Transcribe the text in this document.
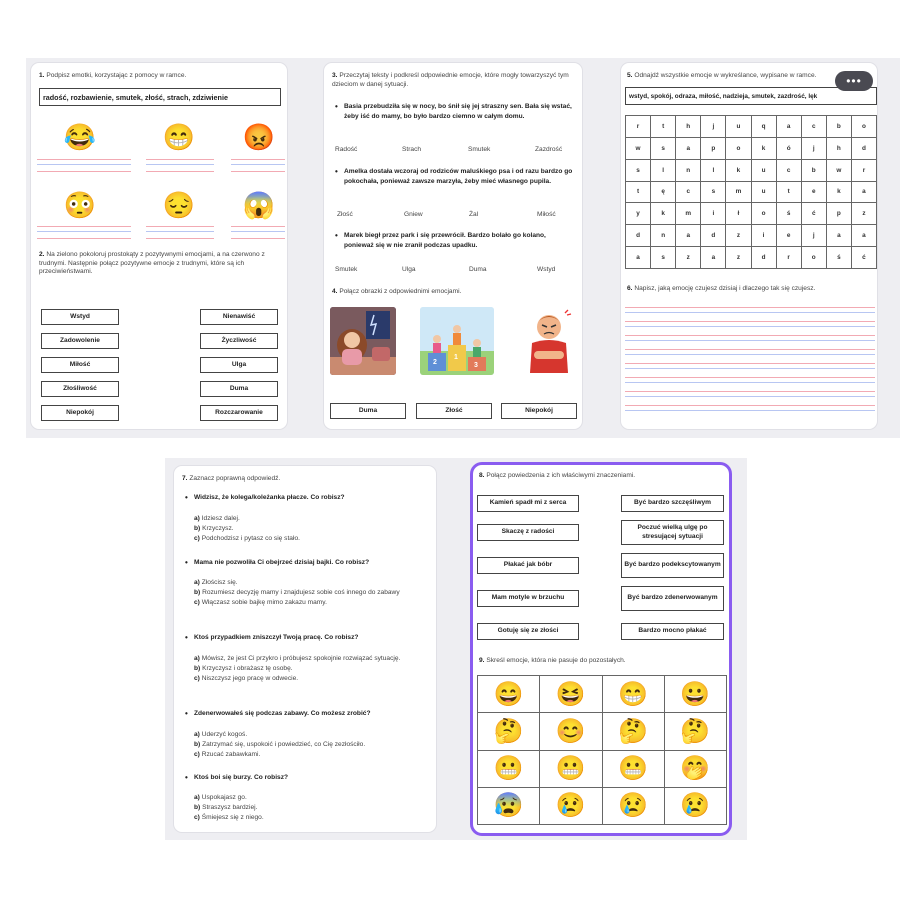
1. Podpisz emotki, korzystając z pomocy w ramce.
radość, rozbawienie, smutek, złość, strach, zdziwienie
😂	😁 😡
😳	😔 😱
2. Na zielono pokoloruj prostokąty z pozytywnymi emocjami, a na czerwono z trudnymi. Następnie połącz pozytywne emocje z trudnymi, które są ich przeciwieństwami.
Wstyd
Zadowolenie
Miłość
Złośliwość
Niepokój
Nienawiść
Życzliwość
Ulga
Duma
Rozczarowanie
3. Przeczytaj teksty i podkreśl odpowiednie emocje, które mogły towarzyszyć tym dzieciom w danej sytuacji.
• Basia przebudziła się w nocy, bo śnił się jej straszny sen. Bała się wstać, żeby iść do mamy, bo było bardzo ciemno w całym domu.
Radość	Strach	Smutek	Zazdrość
• Amelka dostała wczoraj od rodziców maluśkiego psa i od razu bardzo go pokochała, ponieważ zawsze marzyła, żeby mieć własnego pupila.
Złość	Gniew	Żal	Miłość
• Marek biegł przez park i się przewrócił. Bardzo bolało go kolano, ponieważ się w nie zranił podczas upadku.
Smutek	Ulga	Duma	Wstyd
4. Połącz obrazki z odpowiednimi emocjami.
2
1
3
Duma	Złość	Niepokój
5. Odnajdź wszystkie emocje w wykreślance, wypisane w ramce.
wstyd, spokój, odraza, miłość, nadzieja, smutek, zazdrość, lęk
r	t	h	j	u	q	a	c	b	o
w	s	a	p	o	k	ó	j	h	d
s	l	n	l	k	u	c	b	w	r
t	ę	c	s	m	u	t	e	k	a
y	k	m	i	ł	o	ś	ć	p	z
d	n	a	d	z	i	e	j	a	a
a	s	z	a	z	d	r	o	ś	ć
6. Napisz, jaką emocję czujesz dzisiaj i dlaczego tak się czujesz.
•••
7. Zaznacz poprawną odpowiedź.
• Widzisz, że kolega/koleżanka płacze. Co robisz?
a) Idziesz dalej.
b) Krzyczysz.
c) Podchodzisz i pytasz co się stało.
• Mama nie pozwoliła Ci obejrzeć dzisiaj bajki. Co robisz?
a) Złościsz się.
b) Rozumiesz decyzję mamy i znajdujesz sobie coś innego do zabawy
c) Włączasz sobie bajkę mimo zakazu mamy.
• Ktoś przypadkiem zniszczył Twoją pracę. Co robisz?
a) Mówisz, że jest Ci przykro i próbujesz spokojnie rozwiązać sytuację.
b) Krzyczysz i obrażasz tę osobę.
c) Niszczysz jego pracę w odwecie.
• Zdenerwowałeś się podczas zabawy. Co możesz zrobić?
a) Uderzyć kogoś.
b) Zatrzymać się, uspokoić i powiedzieć, co Cię zezłościło.
c) Rzucać zabawkami.
• Ktoś boi się burzy. Co robisz?
a) Uspokajasz go.
b) Straszysz bardziej.
c) Śmiejesz się z niego.
8. Połącz powiedzenia z ich właściwymi znaczeniami.
Kamień spadł mi z serca
Skaczę z radości
Płakać jak bóbr
Mam motyle w brzuchu
Gotuję się ze złości
Być bardzo szczęśliwym
Poczuć wielką ulgę po stresującej sytuacji
Być bardzo podekscytowanym
Być bardzo zdenerwowanym
Bardzo mocno płakać
9. Skreśl emocje, która nie pasuje do pozostałych.
😄	😆	😁	😀
🤔	😊	🤔	🤔
😬	😬	😬	🤭
😰	😢	😢	😢
